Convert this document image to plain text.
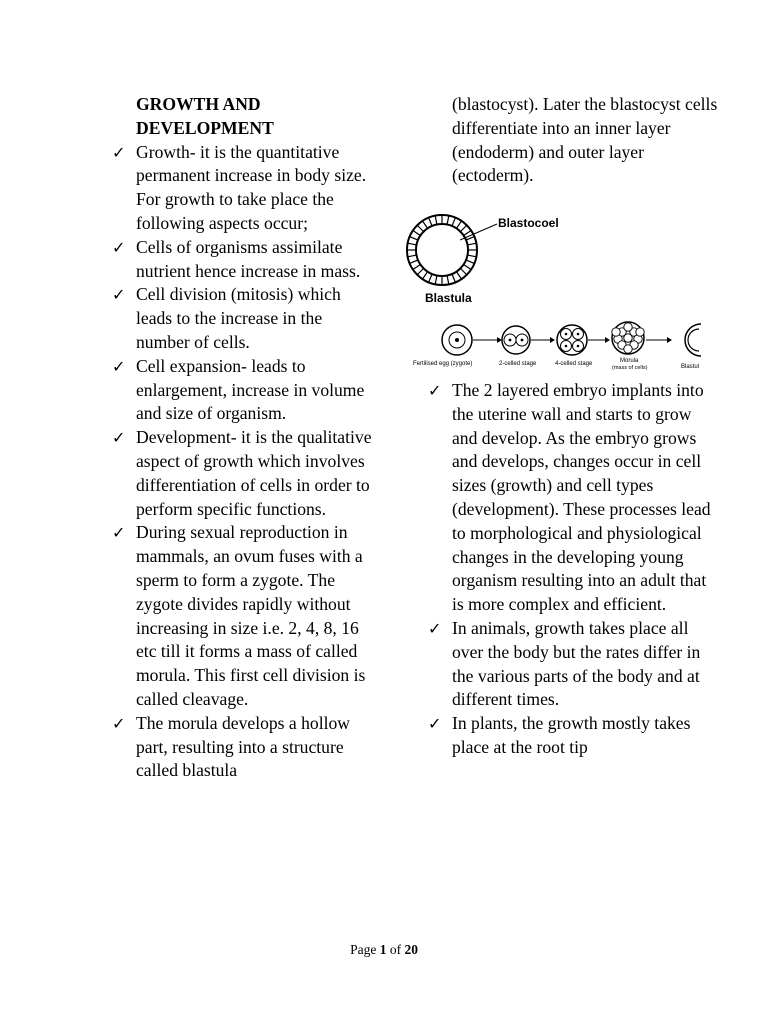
GROWTH AND
DEVELOPMENT
✓ Growth- it is the quantitative permanent increase in body size. For growth to take place the following aspects occur;
✓ Cells of organisms assimilate nutrient hence increase in mass.
✓ Cell division (mitosis) which leads to the increase in the number of cells.
✓ Cell expansion- leads to enlargement, increase in volume and size of organism.
✓ Development- it is the qualitative aspect of growth which involves differentiation of cells in order to perform specific functions.
✓ During sexual reproduction in mammals, an ovum fuses with a sperm to form a zygote. The zygote divides rapidly without increasing in size i.e. 2, 4, 8, 16 etc till it forms a mass of called morula. This first cell division is called cleavage.
✓ The morula develops a hollow part, resulting into a structure called blastula
(blastocyst). Later the blastocyst cells differentiate into an inner layer (endoderm) and outer layer (ectoderm).
Blastocoel
Blastula
Fertilised egg (zygote)	2-celled stage	4-celled stage	Morula
(mass of cells)	Blastul
✓ The 2 layered embryo implants into the uterine wall and starts to grow and develop. As the embryo grows and develops, changes occur in cell sizes (growth) and cell types (development). These processes lead to morphological and physiological changes in the developing young organism resulting into an adult that is more complex and efficient.
✓ In animals, growth takes place all over the body but the rates differ in the various parts of the body and at different times.
✓ In plants, the growth mostly takes place at the root tip
Page 1 of 20
